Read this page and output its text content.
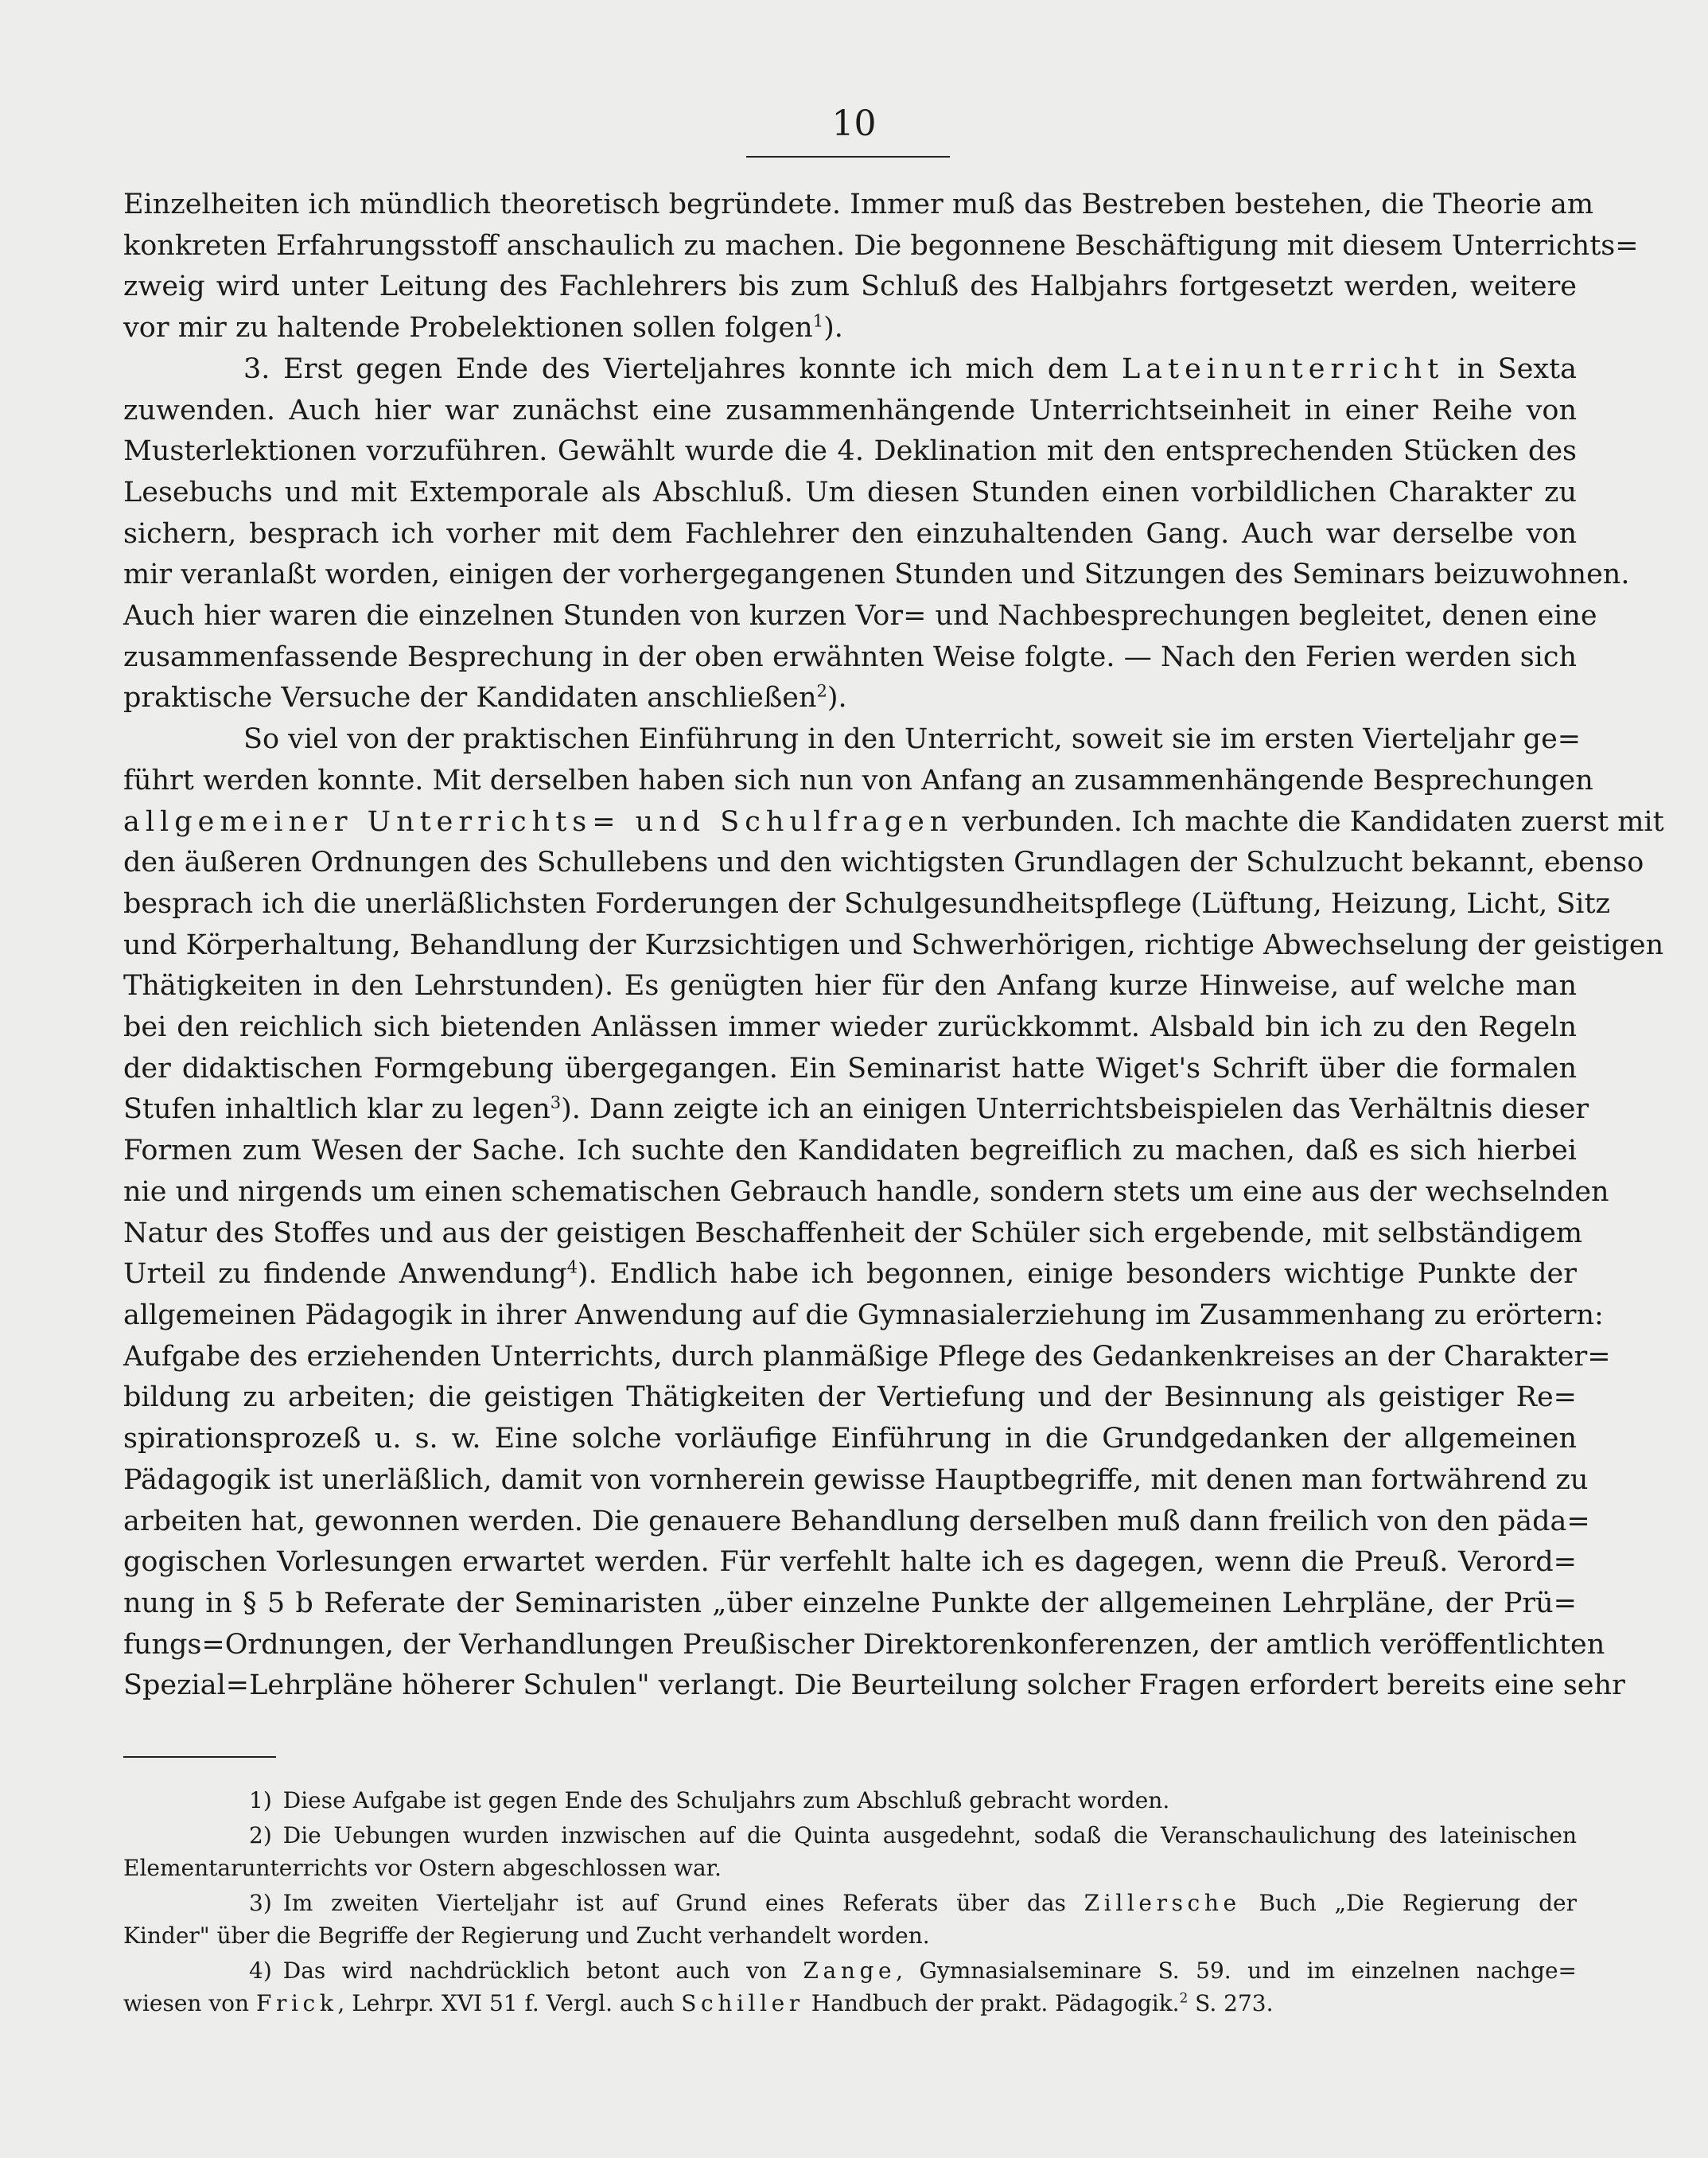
10
Einzelheiten ich mündlich theoretisch begründete. Immer muß das Bestreben bestehen, die Theorie am
konkreten Erfahrungsstoff anschaulich zu machen. Die begonnene Beschäftigung mit diesem Unterrichts=
zweig wird unter Leitung des Fachlehrers bis zum Schluß des Halbjahrs fortgesetzt werden, weitere
vor mir zu haltende Probelektionen sollen folgen$^1$).
3. Erst gegen Ende des Vierteljahres konnte ich mich dem Lateinunterricht in Sexta
zuwenden. Auch hier war zunächst eine zusammenhängende Unterrichtseinheit in einer Reihe von
Musterlektionen vorzuführen. Gewählt wurde die 4. Deklination mit den entsprechenden Stücken des
Lesebuchs und mit Extemporale als Abschluß. Um diesen Stunden einen vorbildlichen Charakter zu
sichern, besprach ich vorher mit dem Fachlehrer den einzuhaltenden Gang. Auch war derselbe von
mir veranlaßt worden, einigen der vorhergegangenen Stunden und Sitzungen des Seminars beizuwohnen.
Auch hier waren die einzelnen Stunden von kurzen Vor= und Nachbesprechungen begleitet, denen eine
zusammenfassende Besprechung in der oben erwähnten Weise folgte. — Nach den Ferien werden sich
praktische Versuche der Kandidaten anschließen$^2$).
So viel von der praktischen Einführung in den Unterricht, soweit sie im ersten Vierteljahr ge=
führt werden konnte. Mit derselben haben sich nun von Anfang an zusammenhängende Besprechungen
allgemeiner Unterrichts= und Schulfragen verbunden. Ich machte die Kandidaten zuerst mit
den äußeren Ordnungen des Schullebens und den wichtigsten Grundlagen der Schulzucht bekannt, ebenso
besprach ich die unerläßlichsten Forderungen der Schulgesundheitspflege (Lüftung, Heizung, Licht, Sitz
und Körperhaltung, Behandlung der Kurzsichtigen und Schwerhörigen, richtige Abwechselung der geistigen
Thätigkeiten in den Lehrstunden). Es genügten hier für den Anfang kurze Hinweise, auf welche man
bei den reichlich sich bietenden Anlässen immer wieder zurückkommt. Alsbald bin ich zu den Regeln
der didaktischen Formgebung übergegangen. Ein Seminarist hatte Wiget's Schrift über die formalen
Stufen inhaltlich klar zu legen$^3$). Dann zeigte ich an einigen Unterrichtsbeispielen das Verhältnis dieser
Formen zum Wesen der Sache. Ich suchte den Kandidaten begreiflich zu machen, daß es sich hierbei
nie und nirgends um einen schematischen Gebrauch handle, sondern stets um eine aus der wechselnden
Natur des Stoffes und aus der geistigen Beschaffenheit der Schüler sich ergebende, mit selbständigem
Urteil zu findende Anwendung$^4$). Endlich habe ich begonnen, einige besonders wichtige Punkte der
allgemeinen Pädagogik in ihrer Anwendung auf die Gymnasialerziehung im Zusammenhang zu erörtern:
Aufgabe des erziehenden Unterrichts, durch planmäßige Pflege des Gedankenkreises an der Charakter=
bildung zu arbeiten; die geistigen Thätigkeiten der Vertiefung und der Besinnung als geistiger Re=
spirationsprozeß u. s. w. Eine solche vorläufige Einführung in die Grundgedanken der allgemeinen
Pädagogik ist unerläßlich, damit von vornherein gewisse Hauptbegriffe, mit denen man fortwährend zu
arbeiten hat, gewonnen werden. Die genauere Behandlung derselben muß dann freilich von den päda=
gogischen Vorlesungen erwartet werden. Für verfehlt halte ich es dagegen, wenn die Preuß. Verord=
nung in § 5 b Referate der Seminaristen „über einzelne Punkte der allgemeinen Lehrpläne, der Prü=
fungs=Ordnungen, der Verhandlungen Preußischer Direktorenkonferenzen, der amtlich veröffentlichten
Spezial=Lehrpläne höherer Schulen" verlangt. Die Beurteilung solcher Fragen erfordert bereits eine sehr
1) Diese Aufgabe ist gegen Ende des Schuljahrs zum Abschluß gebracht worden.
2) Die Uebungen wurden inzwischen auf die Quinta ausgedehnt, sodaß die Veranschaulichung des lateinischen
Elementarunterrichts vor Ostern abgeschlossen war.
3) Im zweiten Vierteljahr ist auf Grund eines Referats über das Zillersche Buch „Die Regierung der
Kinder" über die Begriffe der Regierung und Zucht verhandelt worden.
4) Das wird nachdrücklich betont auch von Zange, Gymnasialseminare S. 59. und im einzelnen nachge=
wiesen von Frick, Lehrpr. XVI 51 f. Vergl. auch Schiller Handbuch der prakt. Pädagogik.$^2$ S. 273.
